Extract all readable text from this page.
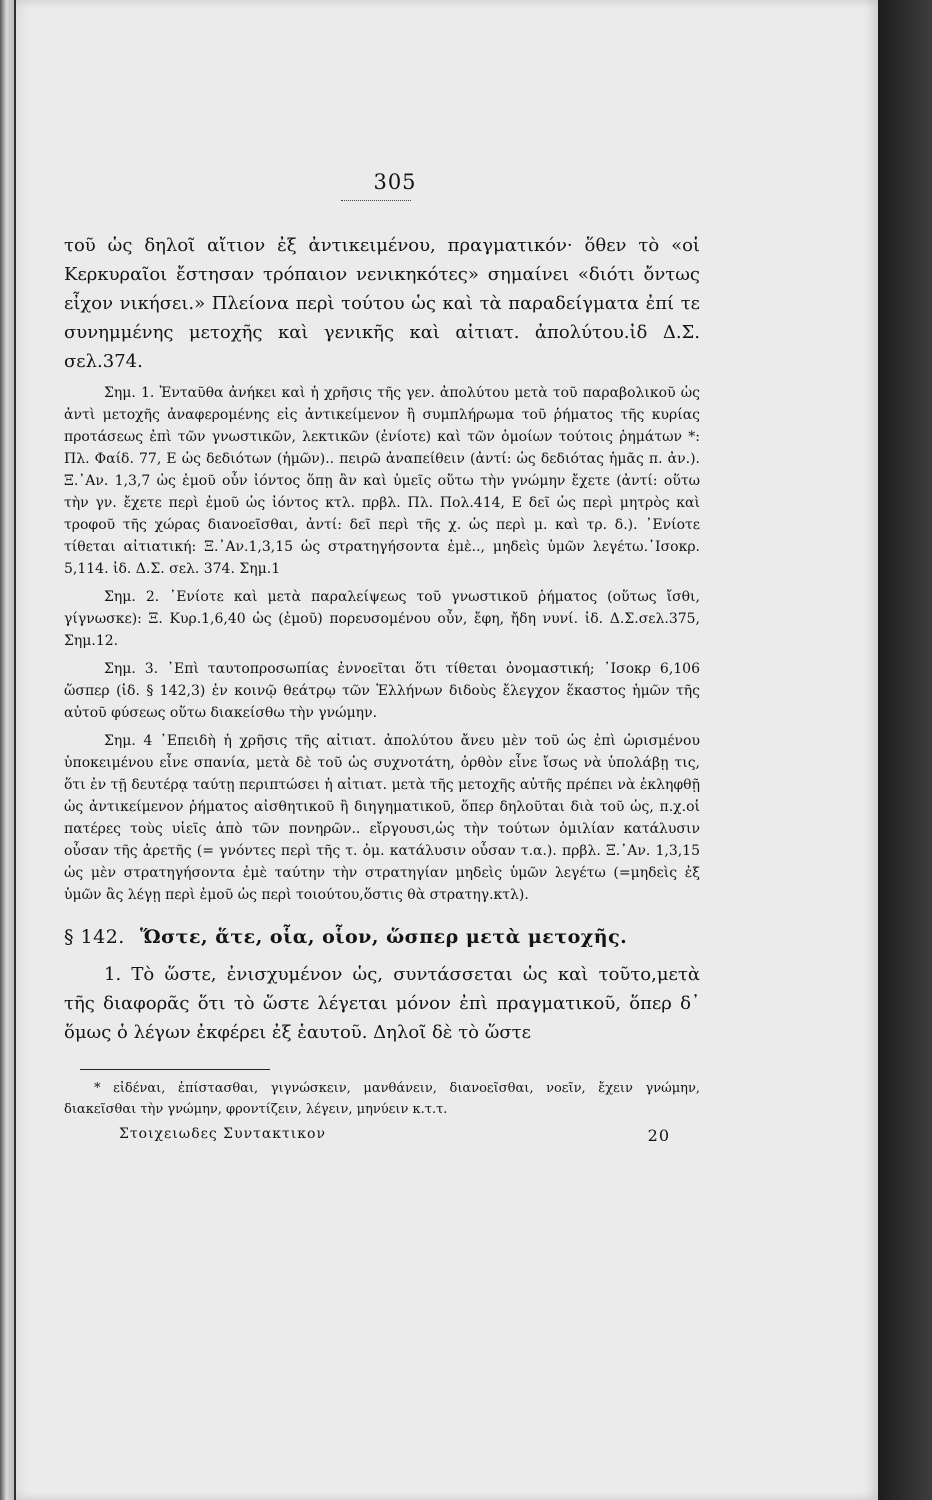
305

τοῦ ὡς δηλοῖ αἴτιον ἐξ ἀντικειμένου, πραγματικόν· ὅθεν τὸ «οἱ Κερκυραῖοι ἔστησαν τρόπαιον νενικηκότες» σημαίνει «διότι ὄντως εἶχον νικήσει.» Πλείονα περὶ τούτου ὡς καὶ τὰ παραδείγματα ἐπί τε συνημμένης μετοχῆς καὶ γενικῆς καὶ αἰτιατ. ἀπολύτου.ἰδ Δ.Σ. σελ.374.

Σημ. 1. Ἐνταῦθα ἀνήκει καὶ ἡ χρῆσις τῆς γεν. ἀπολύτου μετὰ τοῦ παραβολικοῦ ὡς ἀντὶ μετοχῆς ἀναφερομένης εἰς ἀντικείμενον ἢ συμπλήρωμα τοῦ ῥήματος τῆς κυρίας προτάσεως ἐπὶ τῶν γνωστικῶν, λεκτικῶν (ἐνίοτε) καὶ τῶν ὁμοίων τούτοις ῥημάτων *: Πλ. Φαίδ. 77, Ε ὡς δεδιότων (ἡμῶν).. πειρῶ ἀναπείθειν (ἀντί: ὡς δεδιότας ἡμᾶς π. ἀν.). Ξ.᾿Αν. 1,3,7 ὡς ἐμοῦ οὖν ἰόντος ὅπῃ ἂν καὶ ὑμεῖς οὕτω τὴν γνώμην ἔχετε (ἀντί: οὕτω τὴν γν. ἔχετε περὶ ἐμοῦ ὡς ἰόντος κτλ. πρβλ. Πλ. Πολ.414, Ε δεῖ ὡς περὶ μητρὸς καὶ τροφοῦ τῆς χώρας διανοεῖσθαι, ἀντί: δεῖ περὶ τῆς χ. ὡς περὶ μ. καὶ τρ. δ.). ᾿Ενίοτε τίθεται αἰτιατική: Ξ.᾿Αν.1,3,15 ὡς στρατηγήσοντα ἐμὲ.., μηδεὶς ὑμῶν λεγέτω.᾿Ισοκρ. 5,114. ἰδ. Δ.Σ. σελ. 374. Σημ.1

Σημ. 2. ᾿Ενίοτε καὶ μετὰ παραλείψεως τοῦ γνωστικοῦ ῥήματος (οὕτως ἴσθι, γίγνωσκε): Ξ. Κυρ.1,6,40 ὡς (ἐμοῦ) πορευσομένου οὖν, ἔφη, ἤδη νυνί. ἰδ. Δ.Σ.σελ.375, Σημ.12.

Σημ. 3. ᾿Επὶ ταυτοπροσωπίας ἐννοεῖται ὅτι τίθεται ὀνομαστική; ᾿Ισοκρ 6,106 ὥσπερ (ἰδ. § 142,3) ἐν κοινῷ θεάτρῳ τῶν Ἑλλήνων διδοὺς ἔλεγχον ἕκαστος ἡμῶν τῆς αὐτοῦ φύσεως οὕτω διακείσθω τὴν γνώμην.

Σημ. 4 ᾿Επειδὴ ἡ χρῆσις τῆς αἰτιατ. ἀπολύτου ἄνευ μὲν τοῦ ὡς ἐπὶ ὡρισμένου ὑποκειμένου εἶνε σπανία, μετὰ δὲ τοῦ ὡς συχνοτάτη, ὀρθὸν εἶνε ἴσως νὰ ὑπολάβῃ τις, ὅτι ἐν τῇ δευτέρᾳ ταύτῃ περιπτώσει ἡ αἰτιατ. μετὰ τῆς μετοχῆς αὐτῆς πρέπει νὰ ἐκληφθῇ ὡς ἀντικείμενον ῥήματος αἰσθητικοῦ ἢ διηγηματικοῦ, ὅπερ δηλοῦται διὰ τοῦ ὡς, π.χ.οἱ πατέρες τοὺς υἱεῖς ἀπὸ τῶν πονηρῶν.. εἴργουσι,ὡς τὴν τούτων ὁμιλίαν κατάλυσιν οὖσαν τῆς ἀρετῆς (= γνόντες περὶ τῆς τ. ὁμ. κατάλυσιν οὖσαν τ.α.). πρβλ. Ξ.᾿Αν. 1,3,15 ὡς μὲν στρατηγήσοντα ἐμὲ ταύτην τὴν στρατηγίαν μηδεὶς ὑμῶν λεγέτω (=μηδεὶς ἐξ ὑμῶν ἂς λέγῃ περὶ ἐμοῦ ὡς περὶ τοιούτου,ὅστις θὰ στρατηγ.κτλ).

§ 142. Ὥστε, ἅτε, οἷα, οἷον, ὥσπερ μετὰ μετοχῆς.

1. Τὸ ὥστε, ἐνισχυμένον ὡς, συντάσσεται ὡς καὶ τοῦτο,μετὰ τῆς διαφορᾶς ὅτι τὸ ὥστε λέγεται μόνον ἐπὶ πραγματικοῦ, ὅπερ δ᾿ ὅμως ὁ λέγων ἐκφέρει ἐξ ἑαυτοῦ. Δηλοῖ δὲ τὸ ὥστε

* εἰδέναι, ἐπίστασθαι, γιγνώσκειν, μανθάνειν, διανοεῖσθαι, νοεῖν, ἔχειν γνώμην, διακεῖσθαι τὴν γνώμην, φροντίζειν, λέγειν, μηνύειν κ.τ.τ.

Στοιχειωδες Συντακτικον	20
